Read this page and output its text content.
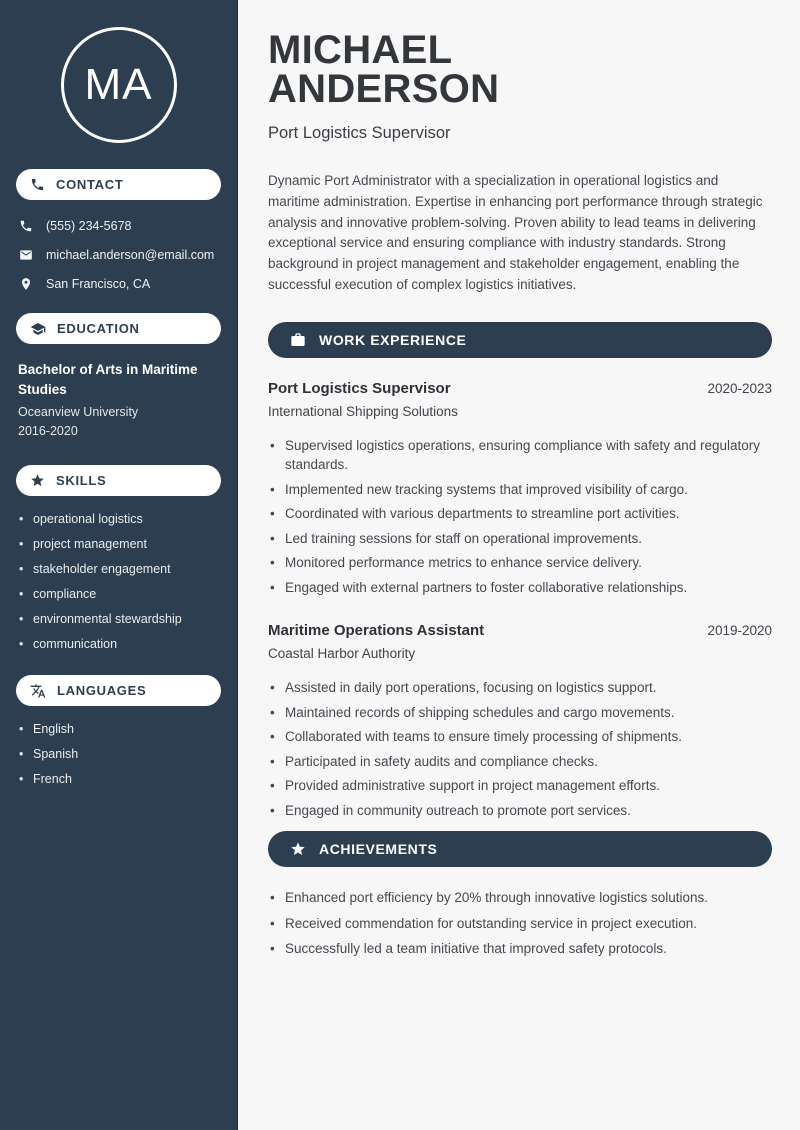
MA
CONTACT
(555) 234-5678
michael.anderson@email.com
San Francisco, CA
EDUCATION
Bachelor of Arts in Maritime Studies
Oceanview University
2016-2020
SKILLS
• operational logistics
• project management
• stakeholder engagement
• compliance
• environmental stewardship
• communication
LANGUAGES
• English
• Spanish
• French
MICHAEL ANDERSON
Port Logistics Supervisor

Dynamic Port Administrator with a specialization in operational logistics and maritime administration. Expertise in enhancing port performance through strategic analysis and innovative problem-solving. Proven ability to lead teams in delivering exceptional service and ensuring compliance with industry standards. Strong background in project management and stakeholder engagement, enabling the successful execution of complex logistics initiatives.

WORK EXPERIENCE
Port Logistics Supervisor	2020-2023
International Shipping Solutions
• Supervised logistics operations, ensuring compliance with safety and regulatory standards.
• Implemented new tracking systems that improved visibility of cargo.
• Coordinated with various departments to streamline port activities.
• Led training sessions for staff on operational improvements.
• Monitored performance metrics to enhance service delivery.
• Engaged with external partners to foster collaborative relationships.
Maritime Operations Assistant	2019-2020
Coastal Harbor Authority
• Assisted in daily port operations, focusing on logistics support.
• Maintained records of shipping schedules and cargo movements.
• Collaborated with teams to ensure timely processing of shipments.
• Participated in safety audits and compliance checks.
• Provided administrative support in project management efforts.
• Engaged in community outreach to promote port services.
ACHIEVEMENTS
• Enhanced port efficiency by 20% through innovative logistics solutions.
• Received commendation for outstanding service in project execution.
• Successfully led a team initiative that improved safety protocols.
